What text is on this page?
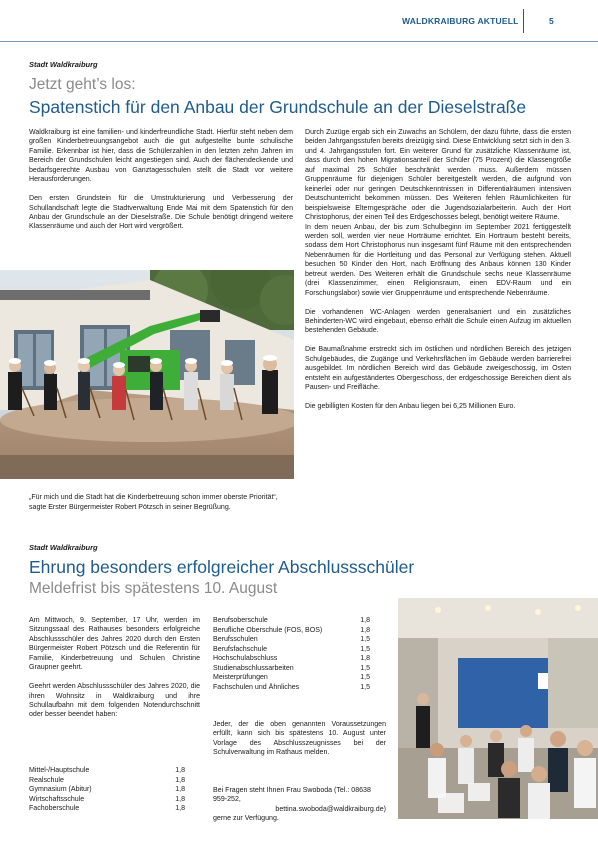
WALDKRAIBURG AKTUELL	5
Stadt Waldkraiburg
Jetzt geht’s los:
Spatenstich für den Anbau der Grundschule an der Dieselstraße

Waldkraiburg ist eine familien- und kinderfreundliche Stadt. Hierfür steht neben dem großen Kinderbetreuungsangebot auch die gut aufgestellte bunte schulische Familie. Erkennbar ist hier, dass die Schülerzahlen in den letzten zehn Jahren im Bereich der Grundschulen leicht angestiegen sind. Auch der flächendeckende und bedarfsgerechte Ausbau von Ganztagesschulen stellt die Stadt vor weitere Herausforderungen.

Den ersten Grundstein für die Umstrukturierung und Verbesserung der Schullandschaft legte die Stadtverwaltung Ende Mai mit dem Spatenstich für den Anbau der Grundschule an der Dieselstraße. Die Schule benötigt dringend weitere Klassenräume und auch der Hort wird vergrößert.

„Für mich und die Stadt hat die Kinderbetreuung schon immer oberste Priorität“, sagte Erster Bürgermeister Robert Pötzsch in seiner Begrüßung.

Durch Zuzüge ergab sich ein Zuwachs an Schülern, der dazu führte, dass die ersten beiden Jahrgangsstufen bereits dreizügig sind. Diese Entwicklung setzt sich in den 3. und 4. Jahrgangsstufen fort. Ein weiterer Grund für zusätzliche Klassenräume ist, dass durch den hohen Migrationsanteil der Schüler (75 Prozent) die Klassengröße auf maximal 25 Schüler beschränkt werden muss. Außerdem müssen Gruppenräume für diejenigen Schüler bereitgestellt werden, die aufgrund von keinerlei oder nur geringen Deutschkenntnissen in Differentialräumen intensiven Deutschunterricht bekommen müssen. Des Weiteren fehlen Räumlichkeiten für beispielsweise Elterngespräche oder die Jugendsozialarbeiterin. Auch der Hort Christophorus, der einen Teil des Erdgeschosses belegt, benötigt weitere Räume.
In dem neuen Anbau, der bis zum Schulbeginn im September 2021 fertiggestellt werden soll, werden vier neue Horträume errichtet. Ein Hortraum besteht bereits, sodass dem Hort Christophorus nun insgesamt fünf Räume mit den entsprechenden Nebenräumen für die Hortleitung und das Personal zur Verfügung stehen. Aktuell besuchen 50 Kinder den Hort, nach Eröffnung des Anbaus können 130 Kinder betreut werden. Des Weiteren erhält die Grundschule sechs neue Klassenräume (drei Klassenzimmer, einen Religionsraum, einen EDV-Raum und ein Forschungslabor) sowie vier Gruppenräume und entsprechende Nebenräume.

Die vorhandenen WC-Anlagen werden generalsaniert und ein zusätzliches Behinderten-WC wird eingebaut, ebenso erhält die Schule einen Aufzug im aktuellen bestehenden Gebäude.

Die Baumaßnahme erstreckt sich im östlichen und nördlichen Bereich des jetzigen Schulgebäudes, die Zugänge und Verkehrsflächen im Gebäude werden barrierefrei ausgebildet. Im nördlichen Bereich wird das Gebäude zweigeschossig, im Osten entsteht ein aufgeständertes Obergeschoss, der erdgeschossige Bereichen dient als Pausen- und Freifläche.

Die gebilligten Kosten für den Anbau liegen bei 6,25 Millionen Euro.

Stadt Waldkraiburg
Ehrung besonders erfolgreicher Abschlussschüler
Meldefrist bis spätestens 10. August

Am Mittwoch, 9. September, 17 Uhr, werden im Sitzungssaal des Rathauses besonders erfolgreiche Abschlussschüler des Jahres 2020 durch den Ersten Bürgermeister Robert Pötzsch und die Referentin für Familie, Kinderbetreuung und Schulen Christine Graupner geehrt.

Geehrt werden Abschlussschüler des Jahres 2020, die ihren Wohnsitz in Waldkraiburg und ihre Schullaufbahn mit dem folgenden Notendurchschnitt oder besser beendet haben:

Mittel-/Hauptschule	1,8
Realschule	1,8
Gymnasium (Abitur)	1,8
Wirtschaftsschule	1,8
Fachoberschule	1,8
Berufsoberschule	1,8
Berufliche Oberschule (FOS, BOS)	1,8
Berufsschulen	1,5
Berufsfachschule	1,5
Hochschulabschluss	1,8
Studienabschlussarbeiten	1,5
Meisterprüfungen	1,5
Fachschulen und Ähnliches	1,5

Jeder, der die oben genannten Voraussetzungen erfüllt, kann sich bis spätestens 10. August unter Vorlage des Abschlusszeugnisses bei der Schulverwaltung im Rathaus melden.

Bei Fragen steht Ihnen Frau Swoboda (Tel.: 08638 959-252,
bettina.swoboda@waldkraiburg.de)
gerne zur Verfügung.
